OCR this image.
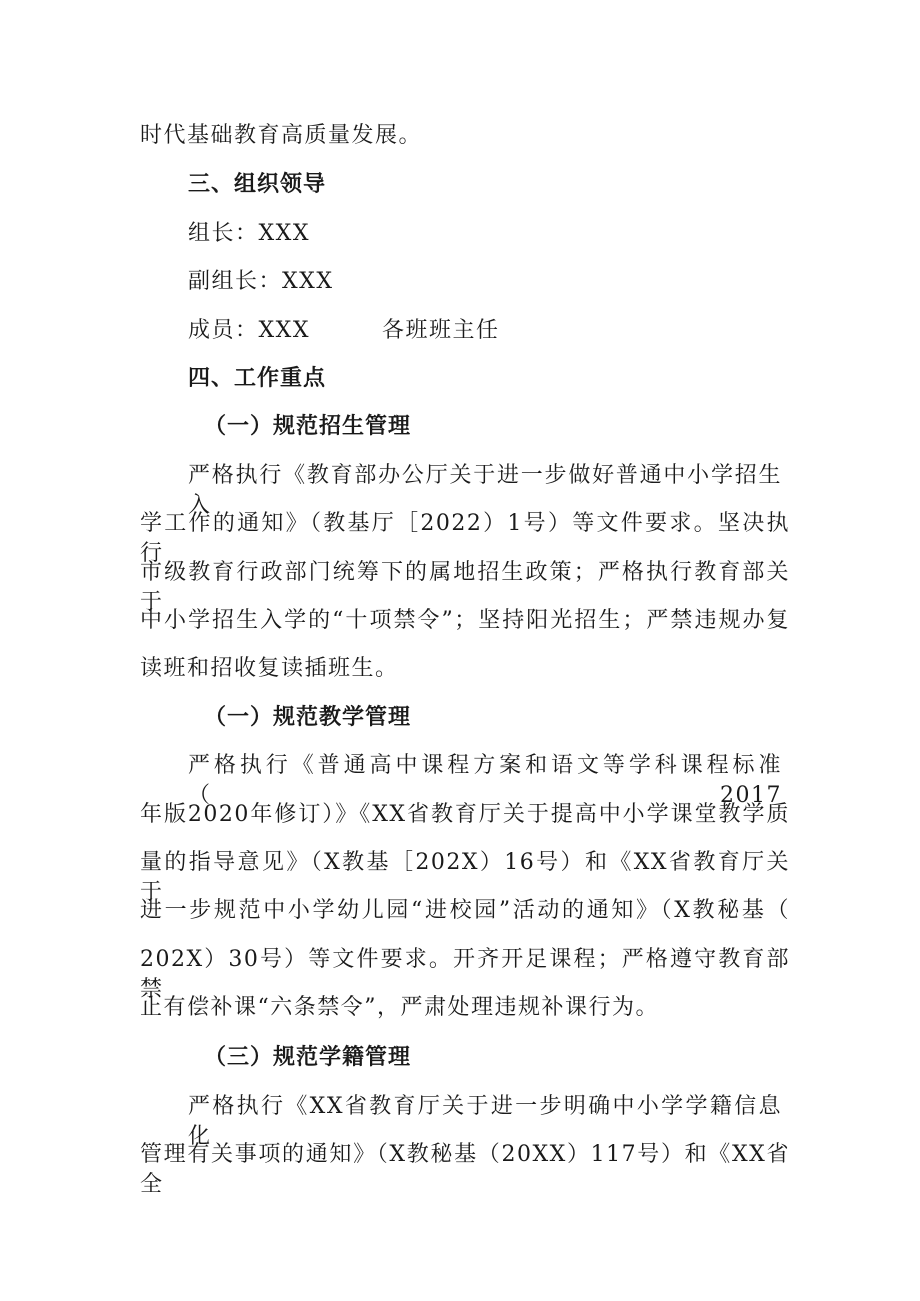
时代基础教育高质量发展。
三、组织领导
组长：XXX
副组长：XXX
成员：XXX	各班班主任
四、工作重点
（一）规范招生管理
严格执行《教育部办公厅关于进一步做好普通中小学招生入
学工作的通知》（教基厅［2022）1号）等文件要求。坚决执行
市级教育行政部门统筹下的属地招生政策；严格执行教育部关于
中小学招生入学的“十项禁令”；坚持阳光招生；严禁违规办复
读班和招收复读插班生。
（一）规范教学管理
严格执行《普通高中课程方案和语文等学科课程标准（2017
年版2020年修订）》《XX省教育厅关于提高中小学课堂教学质
量的指导意见》（X教基［202X）16号）和《XX省教育厅关于
进一步规范中小学幼儿园“进校园”活动的通知》（X教秘基（
202X）30号）等文件要求。开齐开足课程；严格遵守教育部禁
止有偿补课“六条禁令”，严肃处理违规补课行为。
（三）规范学籍管理
严格执行《XX省教育厅关于进一步明确中小学学籍信息化
管理有关事项的通知》（X教秘基（20XX）117号）和《XX省全
